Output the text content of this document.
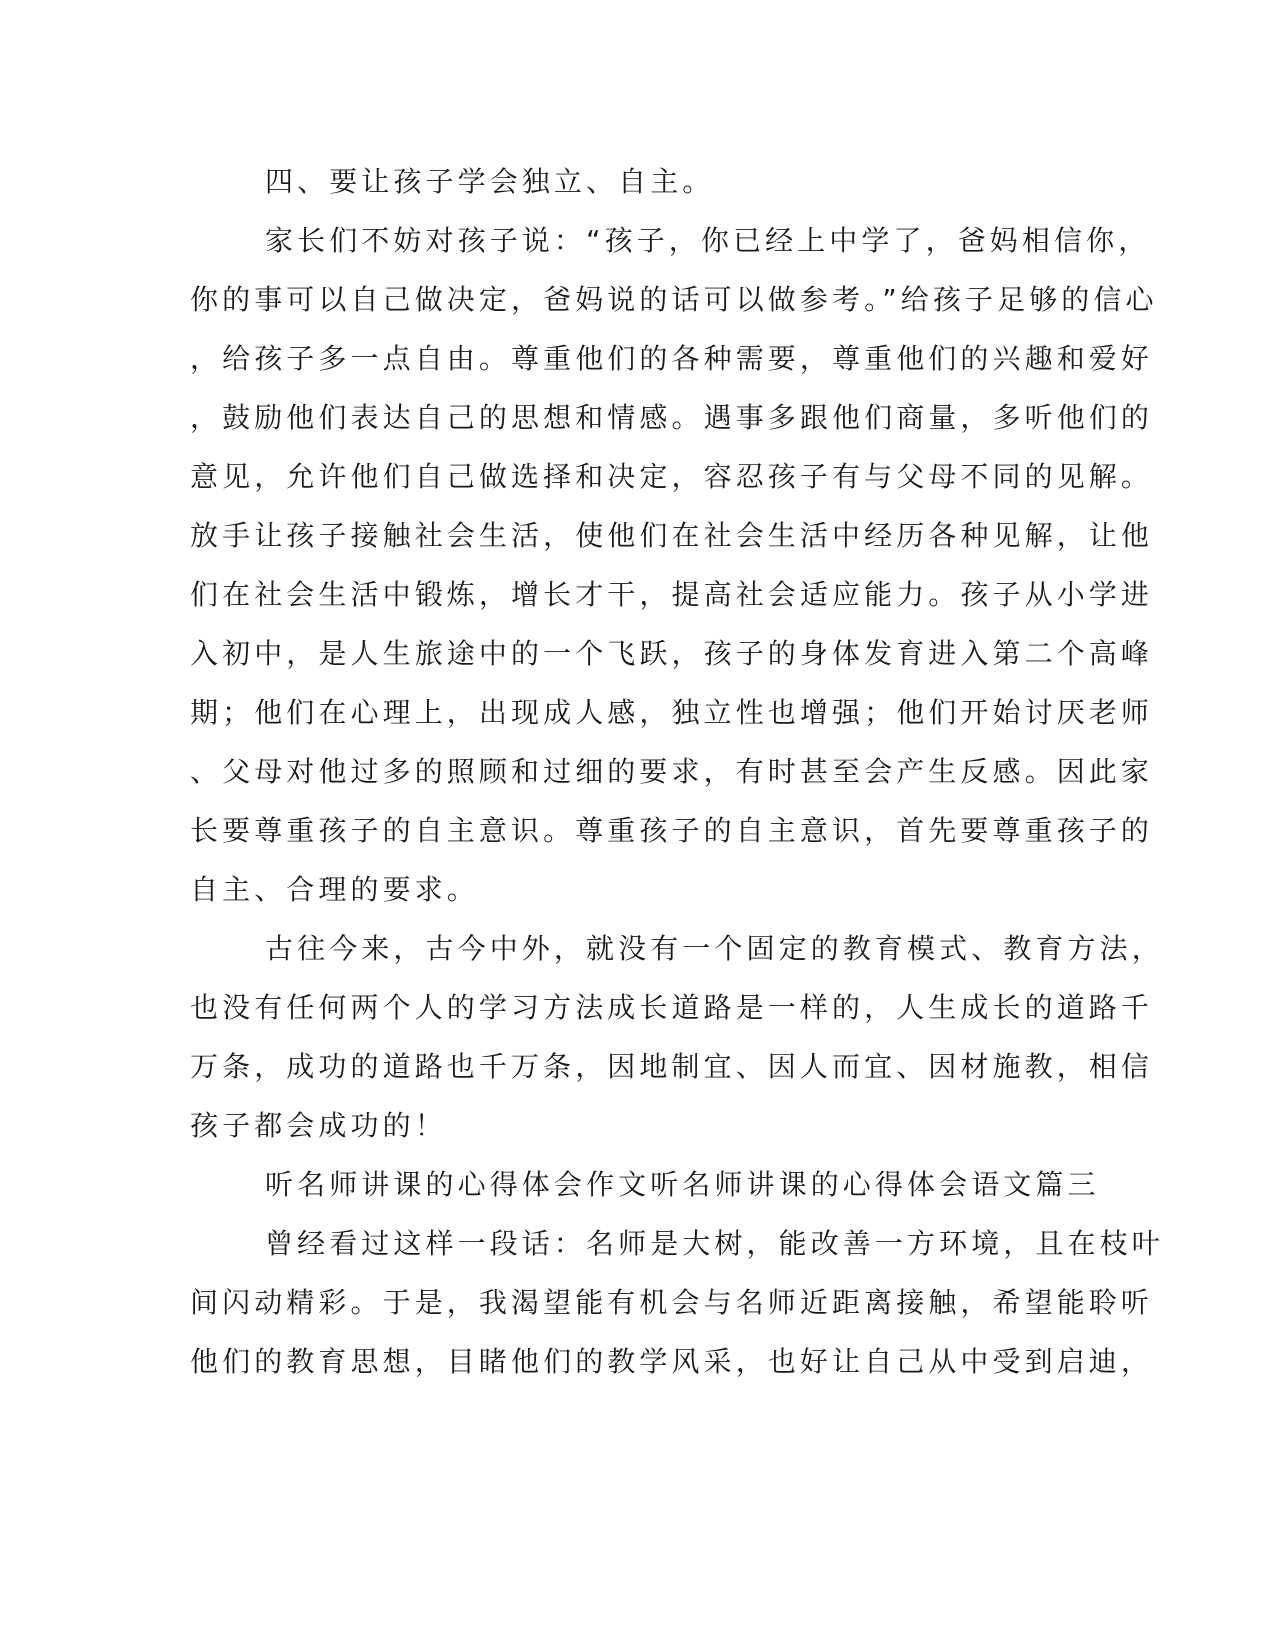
四、要让孩子学会独立、自主。
家长们不妨对孩子说：“孩子，你已经上中学了，爸妈相信你，
你的事可以自己做决定，爸妈说的话可以做参考。”给孩子足够的信心
，给孩子多一点自由。尊重他们的各种需要，尊重他们的兴趣和爱好
，鼓励他们表达自己的思想和情感。遇事多跟他们商量，多听他们的
意见，允许他们自己做选择和决定，容忍孩子有与父母不同的见解。
放手让孩子接触社会生活，使他们在社会生活中经历各种见解，让他
们在社会生活中锻炼，增长才干，提高社会适应能力。孩子从小学进
入初中，是人生旅途中的一个飞跃，孩子的身体发育进入第二个高峰
期；他们在心理上，出现成人感，独立性也增强；他们开始讨厌老师
、父母对他过多的照顾和过细的要求，有时甚至会产生反感。因此家
长要尊重孩子的自主意识。尊重孩子的自主意识，首先要尊重孩子的
自主、合理的要求。
古往今来，古今中外，就没有一个固定的教育模式、教育方法，
也没有任何两个人的学习方法成长道路是一样的，人生成长的道路千
万条，成功的道路也千万条，因地制宜、因人而宜、因材施教，相信
孩子都会成功的！
听名师讲课的心得体会作文听名师讲课的心得体会语文篇三
曾经看过这样一段话：名师是大树，能改善一方环境，且在枝叶
间闪动精彩。于是，我渴望能有机会与名师近距离接触，希望能聆听
他们的教育思想，目睹他们的教学风采，也好让自己从中受到启迪，
